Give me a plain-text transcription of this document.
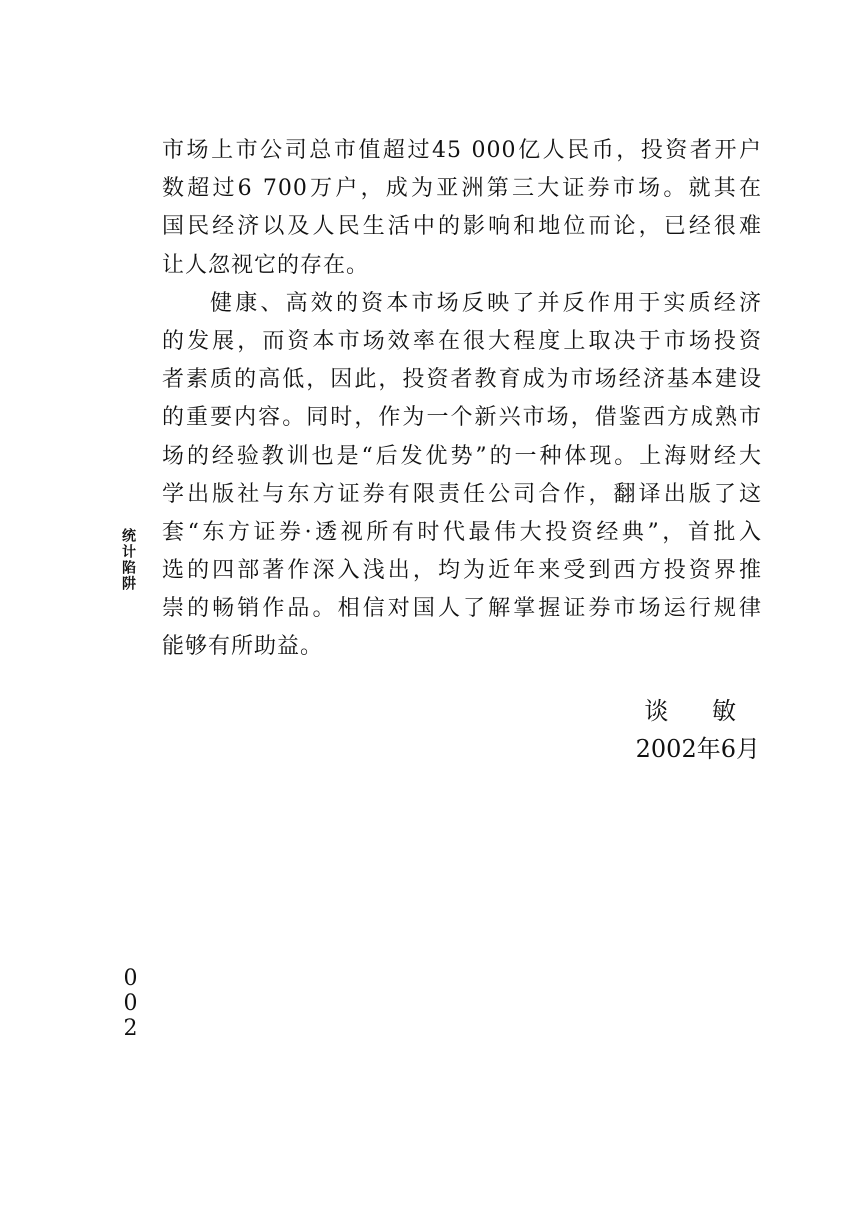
市场上市公司总市值超过45 000亿人民币，投资者开户
数超过6 700万户，成为亚洲第三大证券市场。就其在
国民经济以及人民生活中的影响和地位而论，已经很难
让人忽视它的存在。
健康、高效的资本市场反映了并反作用于实质经济
的发展，而资本市场效率在很大程度上取决于市场投资
者素质的高低，因此，投资者教育成为市场经济基本建设
的重要内容。同时，作为一个新兴市场，借鉴西方成熟市
场的经验教训也是“后发优势”的一种体现。上海财经大
学出版社与东方证券有限责任公司合作，翻译出版了这
套“东方证券·透视所有时代最伟大投资经典”，首批入
选的四部著作深入浅出，均为近年来受到西方投资界推
崇的畅销作品。相信对国人了解掌握证券市场运行规律
能够有所助益。
统计陷阱
谈 敏
2002年6月
002
